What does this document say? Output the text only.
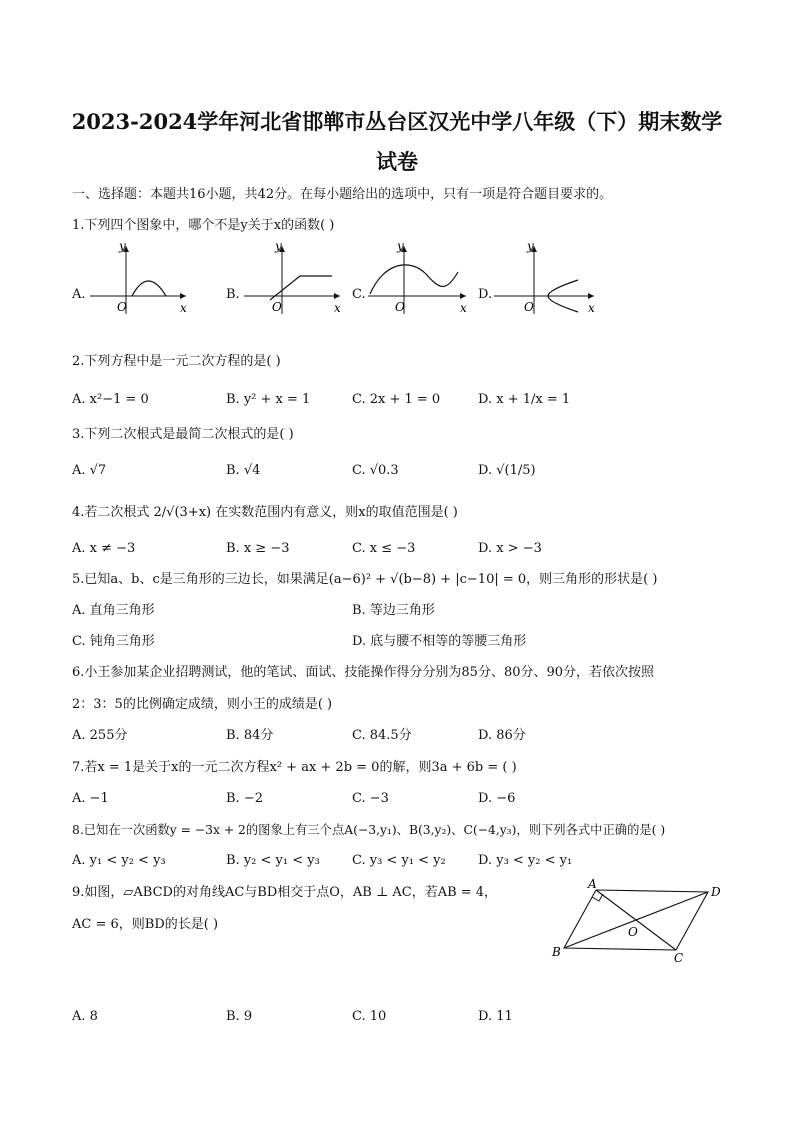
2023-2024学年河北省邯郸市丛台区汉光中学八年级（下）期末数学
试卷
一、选择题：本题共16小题，共42分。在每小题给出的选项中，只有一项是符合题目要求的。
1.下列四个图象中，哪个不是y关于x的函数( )
A.	B.	C.	D.
y
x
O
y
x
O
y
x
O
y
x
O
2.下列方程中是一元二次方程的是( )
A. x²−1 = 0	B. y² + x = 1	C. 2x + 1 = 0	D. x + 1/x = 1
3.下列二次根式是最简二次根式的是( )
A. √7	B. √4	C. √0.3	D. √(1/5)
4.若二次根式 2/√(3+x) 在实数范围内有意义，则x的取值范围是( )
A. x ≠ −3	B. x ≥ −3	C. x ≤ −3	D. x > −3
5.已知a、b、c是三角形的三边长，如果满足(a−6)² + √(b−8) + |c−10| = 0，则三角形的形状是( )
A. 直角三角形	B. 等边三角形
C. 钝角三角形	D. 底与腰不相等的等腰三角形
6.小王参加某企业招聘测试，他的笔试、面试、技能操作得分分别为85分、80分、90分，若依次按照
2：3：5的比例确定成绩，则小王的成绩是( )
A. 255分	B. 84分	C. 84.5分	D. 86分
7.若x = 1是关于x的一元二次方程x² + ax + 2b = 0的解，则3a + 6b = ( )
A. −1	B. −2	C. −3	D. −6
8.已知在一次函数y = −3x + 2的图象上有三个点A(−3,y₁)、B(3,y₂)、C(−4,y₃)，则下列各式中正确的是( )
A. y₁ < y₂ < y₃	B. y₂ < y₁ < y₃ C. y₃ < y₁ < y₂ D. y₃ < y₂ < y₁
9.如图，▱ABCD的对角线AC与BD相交于点O，AB ⊥ AC，若AB = 4，
AC = 6，则BD的长是( )
A
B	C
D
O
A. 8	B. 9	C. 10	D. 11
